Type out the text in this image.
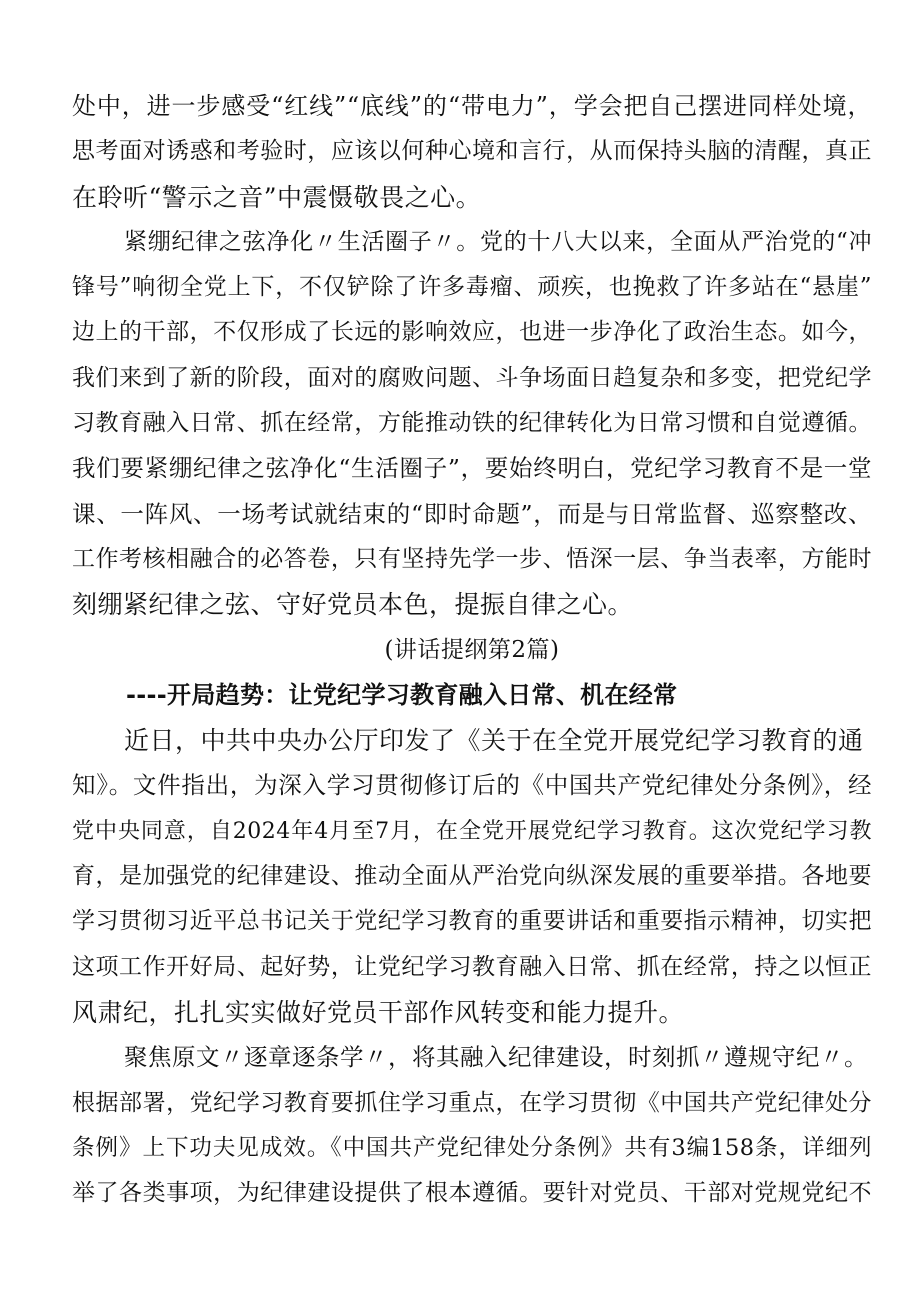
处中，进一步感受“红线”“底线”的“带电力”，学会把自己摆进同样处境，
思考面对诱惑和考验时，应该以何种心境和言行，从而保持头脑的清醒，真正
在聆听“警示之音”中震慑敬畏之心。

紧绷纪律之弦净化〃生活圈子〃。党的十八大以来，全面从严治党的“冲
锋号”响彻全党上下，不仅铲除了许多毒瘤、顽疾，也挽救了许多站在“悬崖”
边上的干部，不仅形成了长远的影响效应，也进一步净化了政治生态。如今，
我们来到了新的阶段，面对的腐败问题、斗争场面日趋复杂和多变，把党纪学
习教育融入日常、抓在经常，方能推动铁的纪律转化为日常习惯和自觉遵循。
我们要紧绷纪律之弦净化“生活圈子”，要始终明白，党纪学习教育不是一堂
课、一阵风、一场考试就结束的“即时命题”，而是与日常监督、巡察整改、
工作考核相融合的必答卷，只有坚持先学一步、悟深一层、争当表率，方能时
刻绷紧纪律之弦、守好党员本色，提振自律之心。

(讲话提纲第2篇)

----开局趋势：让党纪学习教育融入日常、机在经常

近日，中共中央办公厅印发了《关于在全党开展党纪学习教育的通
知》。文件指出，为深入学习贯彻修订后的《中国共产党纪律处分条例》，经
党中央同意，自2024年4月至7月，在全党开展党纪学习教育。这次党纪学习教
育，是加强党的纪律建设、推动全面从严治党向纵深发展的重要举措。各地要
学习贯彻习近平总书记关于党纪学习教育的重要讲话和重要指示精神，切实把
这项工作开好局、起好势，让党纪学习教育融入日常、抓在经常，持之以恒正
风肃纪，扎扎实实做好党员干部作风转变和能力提升。

聚焦原文〃逐章逐条学〃，将其融入纪律建设，时刻抓〃遵规守纪〃。
根据部署，党纪学习教育要抓住学习重点，在学习贯彻《中国共产党纪律处分
条例》上下功夫见成效。《中国共产党纪律处分条例》共有3编158条，详细列
举了各类事项，为纪律建设提供了根本遵循。要针对党员、干部对党规党纪不
